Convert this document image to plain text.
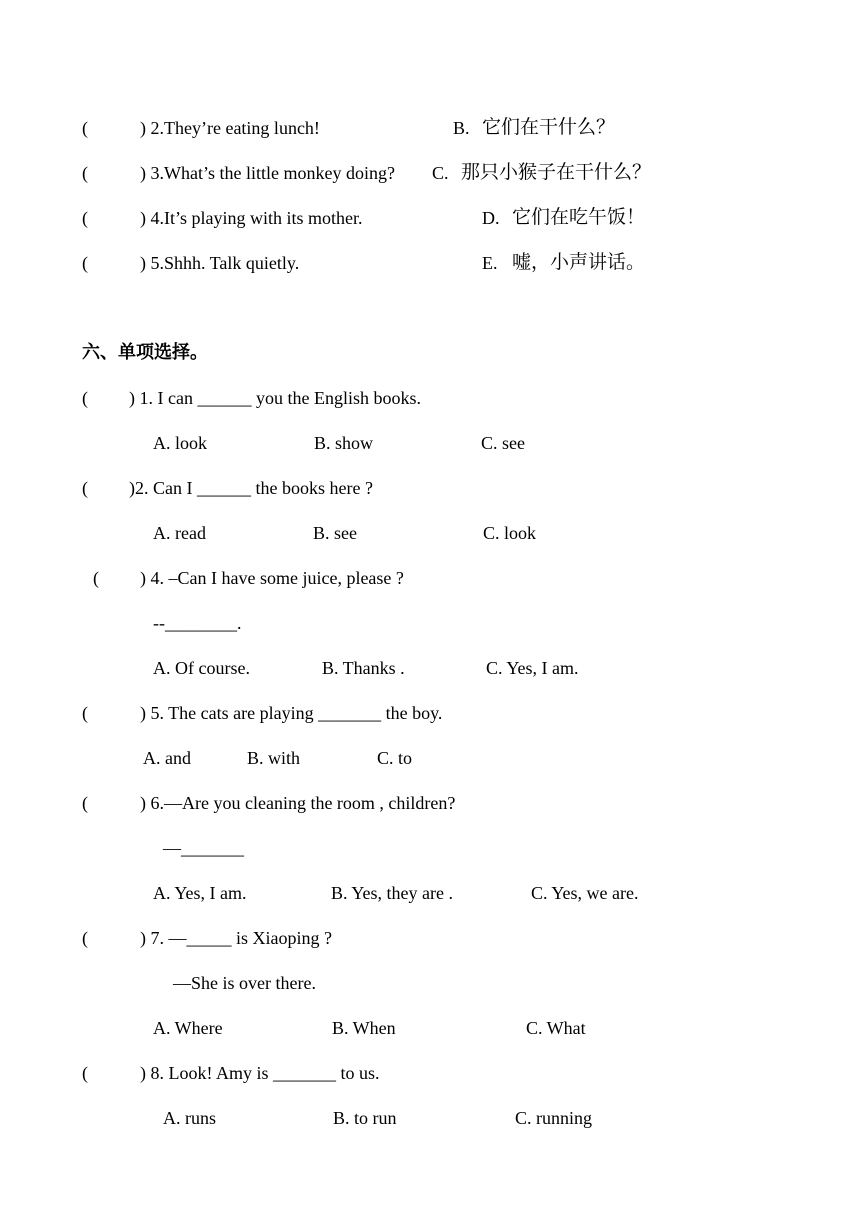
(	) 2.They’re eating lunch!	B. 它们在干什么？
(	) 3.What’s the little monkey doing? C. 那只小猴子在干什么？
(	) 4.It’s playing with its mother.	D. 它们在吃午饭！
(	) 5.Shhh. Talk quietly.	E. 嘘，小声讲话。
六、单项选择。
( ) 1. I can ______ you the English books.
A. look	B. show	C. see
( )2. Can I ______ the books here ?
A. read	B. see	C. look
( ) 4. –Can I have some juice, please ?
--________.
A. Of course.	B. Thanks .	C. Yes, I am.
(	) 5. The cats are playing _______ the boy.
A. and	B. with	C. to
(	) 6.—Are you cleaning the room , children?
—_______
A. Yes, I am.	B. Yes, they are .	C. Yes, we are.
(	) 7. —_____ is Xiaoping ?
—She is over there.
A. Where	B. When	C. What
(	) 8. Look! Amy is _______ to us.
A. runs	B. to run	C. running
